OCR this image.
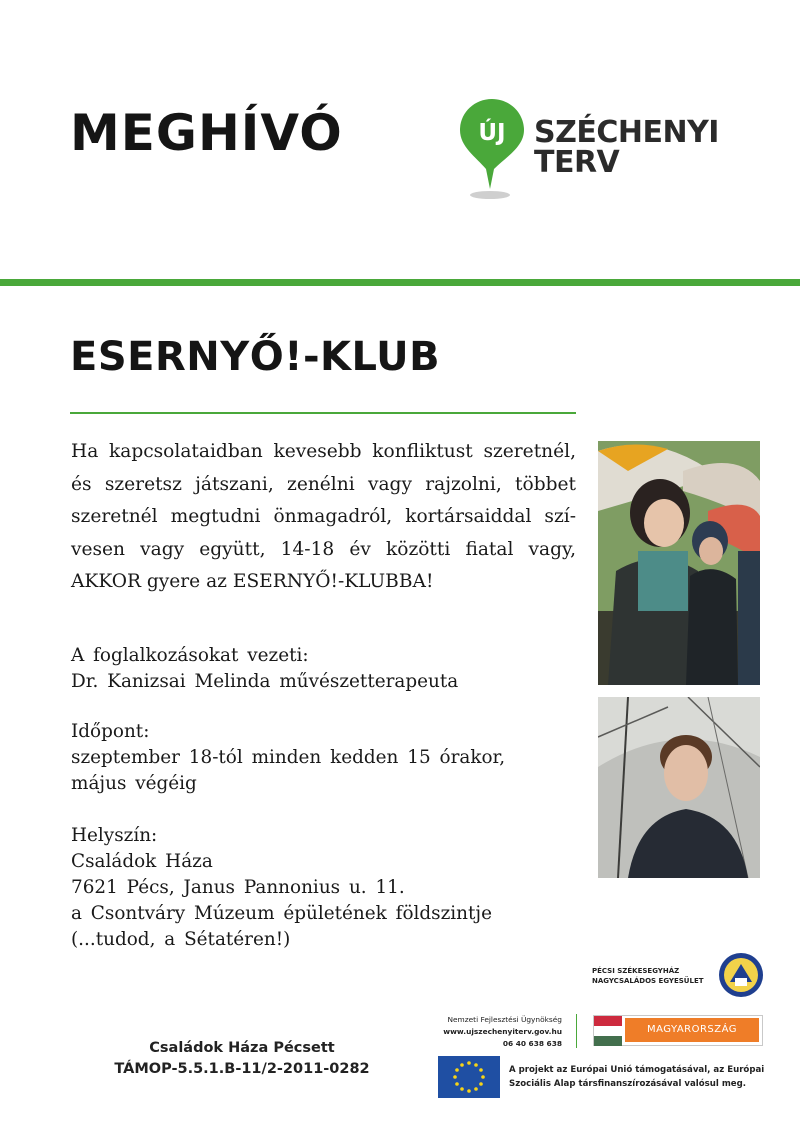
MEGHÍVÓ	ÚJ SZÉCHENYI TERV
ESERNYŐ!-KLUB

Ha kapcsolataidban kevesebb konfliktust szeretnél,

és szeretsz játszani, zenélni vagy rajzolni, többet

szeretnél megtudni önmagadról, kortársaiddal szí-

vesen vagy együtt, 14-18 év közötti fiatal vagy,

AKKOR gyere az ESERNYŐ!-KLUBBA!

A foglalkozásokat vezeti:
Dr. Kanizsai Melinda művészetterapeuta
Időpont:
szeptember 18-tól minden kedden 15 órakor,
május végéig
Helyszín:
Családok Háza
7621 Pécs, Janus Pannonius u. 11.
a Csontváry Múzeum épületének földszintje
(...tudod, a Sétatéren!)
Családok Háza Pécsett
TÁMOP-5.5.1.B-11/2-2011-0282
PÉCSI SZÉKESEGYHÁZ
NAGYCSALÁDOS EGYESÜLET
Nemzeti Fejlesztési Ügynökség
www.ujszechenyiterv.gov.hu
06 40 638 638
MAGYARORSZÁG MEGÚJUL
A projekt az Európai Unió támogatásával, az Európai
Szociális Alap társfinanszírozásával valósul meg.
